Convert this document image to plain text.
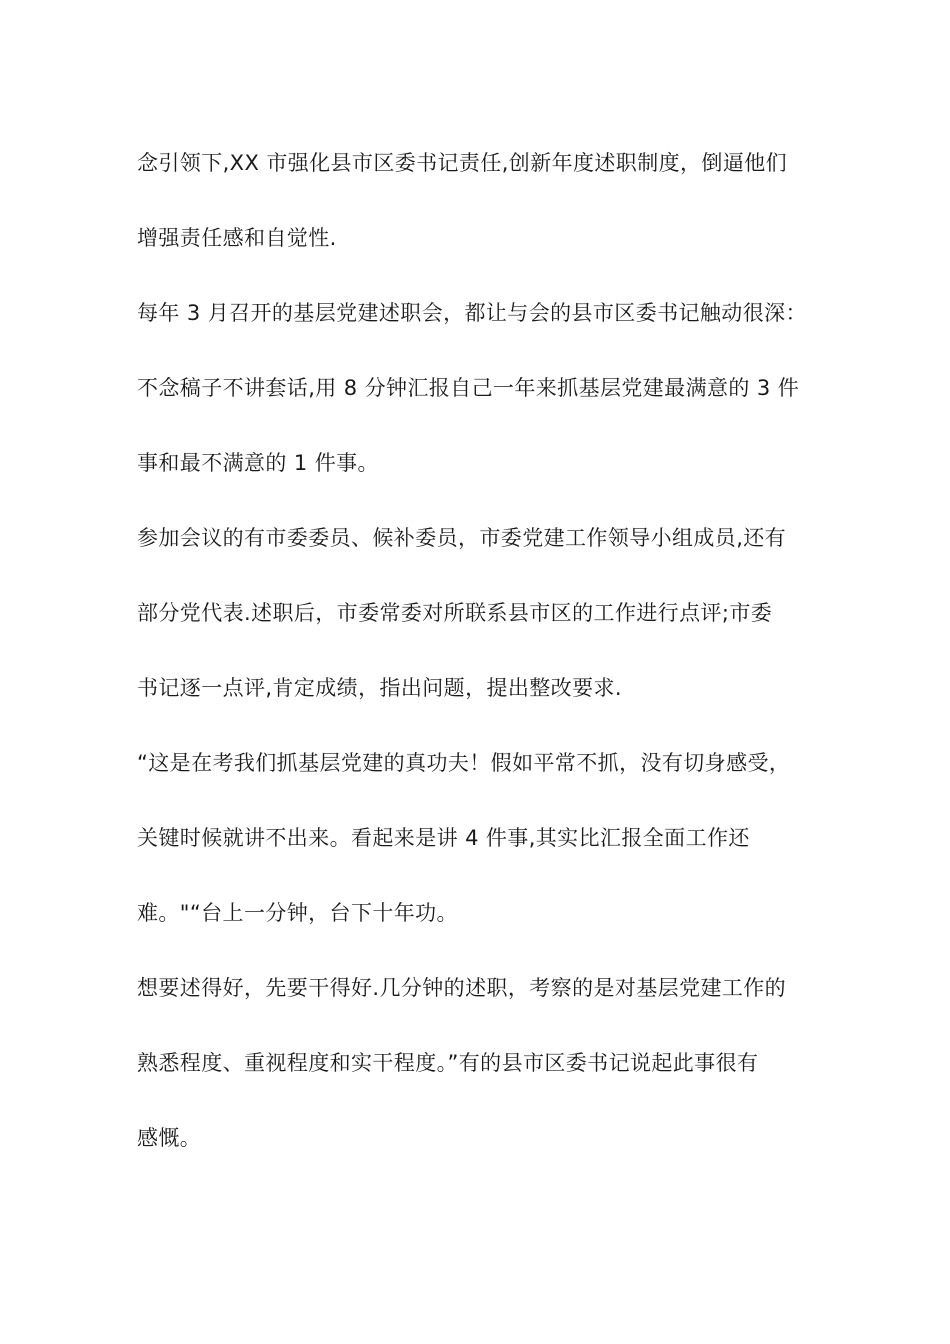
念引领下,XX 市强化县市区委书记责任,创新年度述职制度，倒逼他们
增强责任感和自觉性.
每年 3 月召开的基层党建述职会，都让与会的县市区委书记触动很深：
不念稿子不讲套话,用 8 分钟汇报自己一年来抓基层党建最满意的 3 件
事和最不满意的 1 件事。
参加会议的有市委委员、候补委员，市委党建工作领导小组成员,还有
部分党代表.述职后，市委常委对所联系县市区的工作进行点评;市委
书记逐一点评,肯定成绩，指出问题，提出整改要求.
“这是在考我们抓基层党建的真功夫！假如平常不抓，没有切身感受，
关键时候就讲不出来。看起来是讲 4 件事,其实比汇报全面工作还
难。"“台上一分钟，台下十年功。
想要述得好，先要干得好.几分钟的述职，考察的是对基层党建工作的
熟悉程度、重视程度和实干程度。”有的县市区委书记说起此事很有
感慨。
